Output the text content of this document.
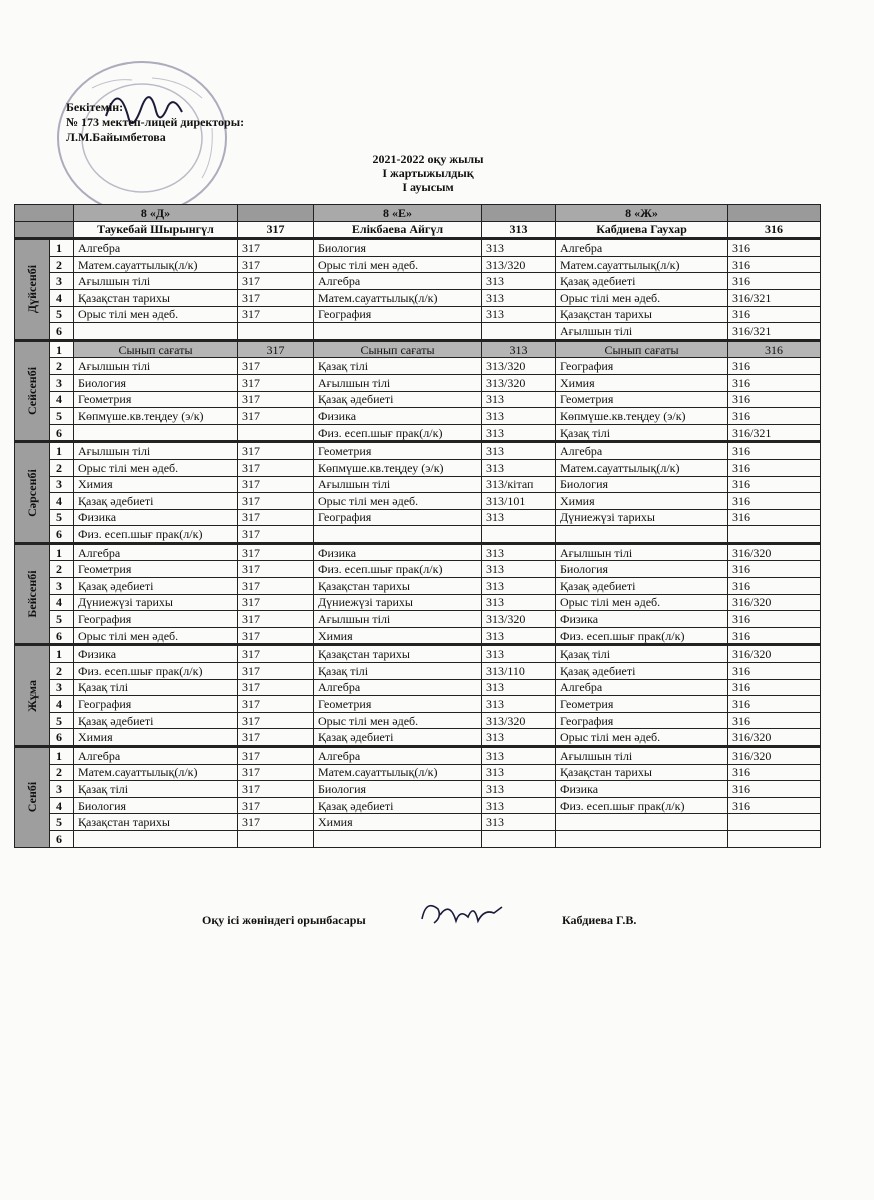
Бекітемін:
№ 173 мектеп-лицей директоры:
Л.М.Байымбетова
2021-2022 оқу жылы
І жартыжылдық
І ауысым
		8 «Д»		8 «Е»		8 «Ж»	
		Таукебай Шырынгүл	317	Елікбаева Айгүл	313	Кабдиева Гаухар	316

Дүйсенбі	1	Алгебра	317	Биология	313	Алгебра	316
	2	Матем.сауаттылық(л/к)	317	Орыс тілі мен әдеб.	313/320	Матем.сауаттылық(л/к)	316
	3	Ағылшын тілі	317	Алгебра	313	Қазақ әдебиеті	316
	4	Қазақстан тарихы	317	Матем.сауаттылық(л/к)	313	Орыс тілі мен әдеб.	316/321
	5	Орыс тілі мен әдеб.	317	География	313	Қазақстан тарихы	316
	6					Ағылшын тілі	316/321

Сейсенбі	1	Сынып сағаты	317	Сынып сағаты	313	Сынып сағаты	316
	2	Ағылшын тілі	317	Қазақ тілі	313/320	География	316
	3	Биология	317	Ағылшын тілі	313/320	Химия	316
	4	Геометрия	317	Қазақ әдебиеті	313	Геометрия	316
	5	Көпмүше.кв.теңдеу (э/к)	317	Физика	313	Көпмүше.кв.теңдеу (э/к)	316
	6			Физ. есеп.шығ прак(л/к)	313	Қазақ тілі	316/321

Сәрсенбі	1	Ағылшын тілі	317	Геометрия	313	Алгебра	316
	2	Орыс тілі мен әдеб.	317	Көпмүше.кв.теңдеу (э/к)	313	Матем.сауаттылық(л/к)	316
	3	Химия	317	Ағылшын тілі	313/кітап	Биология	316
	4	Қазақ әдебиеті	317	Орыс тілі мен әдеб.	313/101	Химия	316
	5	Физика	317	География	313	Дүниежүзі тарихы	316
	6	Физ. есеп.шығ прак(л/к)	317				

Бейсенбі	1	Алгебра	317	Физика	313	Ағылшын тілі	316/320
	2	Геометрия	317	Физ. есеп.шығ прак(л/к)	313	Биология	316
	3	Қазақ әдебиеті	317	Қазақстан тарихы	313	Қазақ әдебиеті	316
	4	Дүниежүзі тарихы	317	Дүниежүзі тарихы	313	Орыс тілі мен әдеб.	316/320
	5	География	317	Ағылшын тілі	313/320	Физика	316
	6	Орыс тілі мен әдеб.	317	Химия	313	Физ. есеп.шығ прак(л/к)	316

Жұма	1	Физика	317	Қазақстан тарихы	313	Қазақ тілі	316/320
	2	Физ. есеп.шығ прак(л/к)	317	Қазақ тілі	313/110	Қазақ әдебиеті	316
	3	Қазақ тілі	317	Алгебра	313	Алгебра	316
	4	География	317	Геометрия	313	Геометрия	316
	5	Қазақ әдебиеті	317	Орыс тілі мен әдеб.	313/320	География	316
	6	Химия	317	Қазақ әдебиеті	313	Орыс тілі мен әдеб.	316/320

Сенбі	1	Алгебра	317	Алгебра	313	Ағылшын тілі	316/320
	2	Матем.сауаттылық(л/к)	317	Матем.сауаттылық(л/к)	313	Қазақстан тарихы	316
	3	Қазақ тілі	317	Биология	313	Физика	316
	4	Биология	317	Қазақ әдебиеті	313	Физ. есеп.шығ прак(л/к)	316
	5	Қазақстан тарихы	317	Химия	313		
	6						
Оқу ісі жөніндегі орынбасары	Кабдиева Г.В.
